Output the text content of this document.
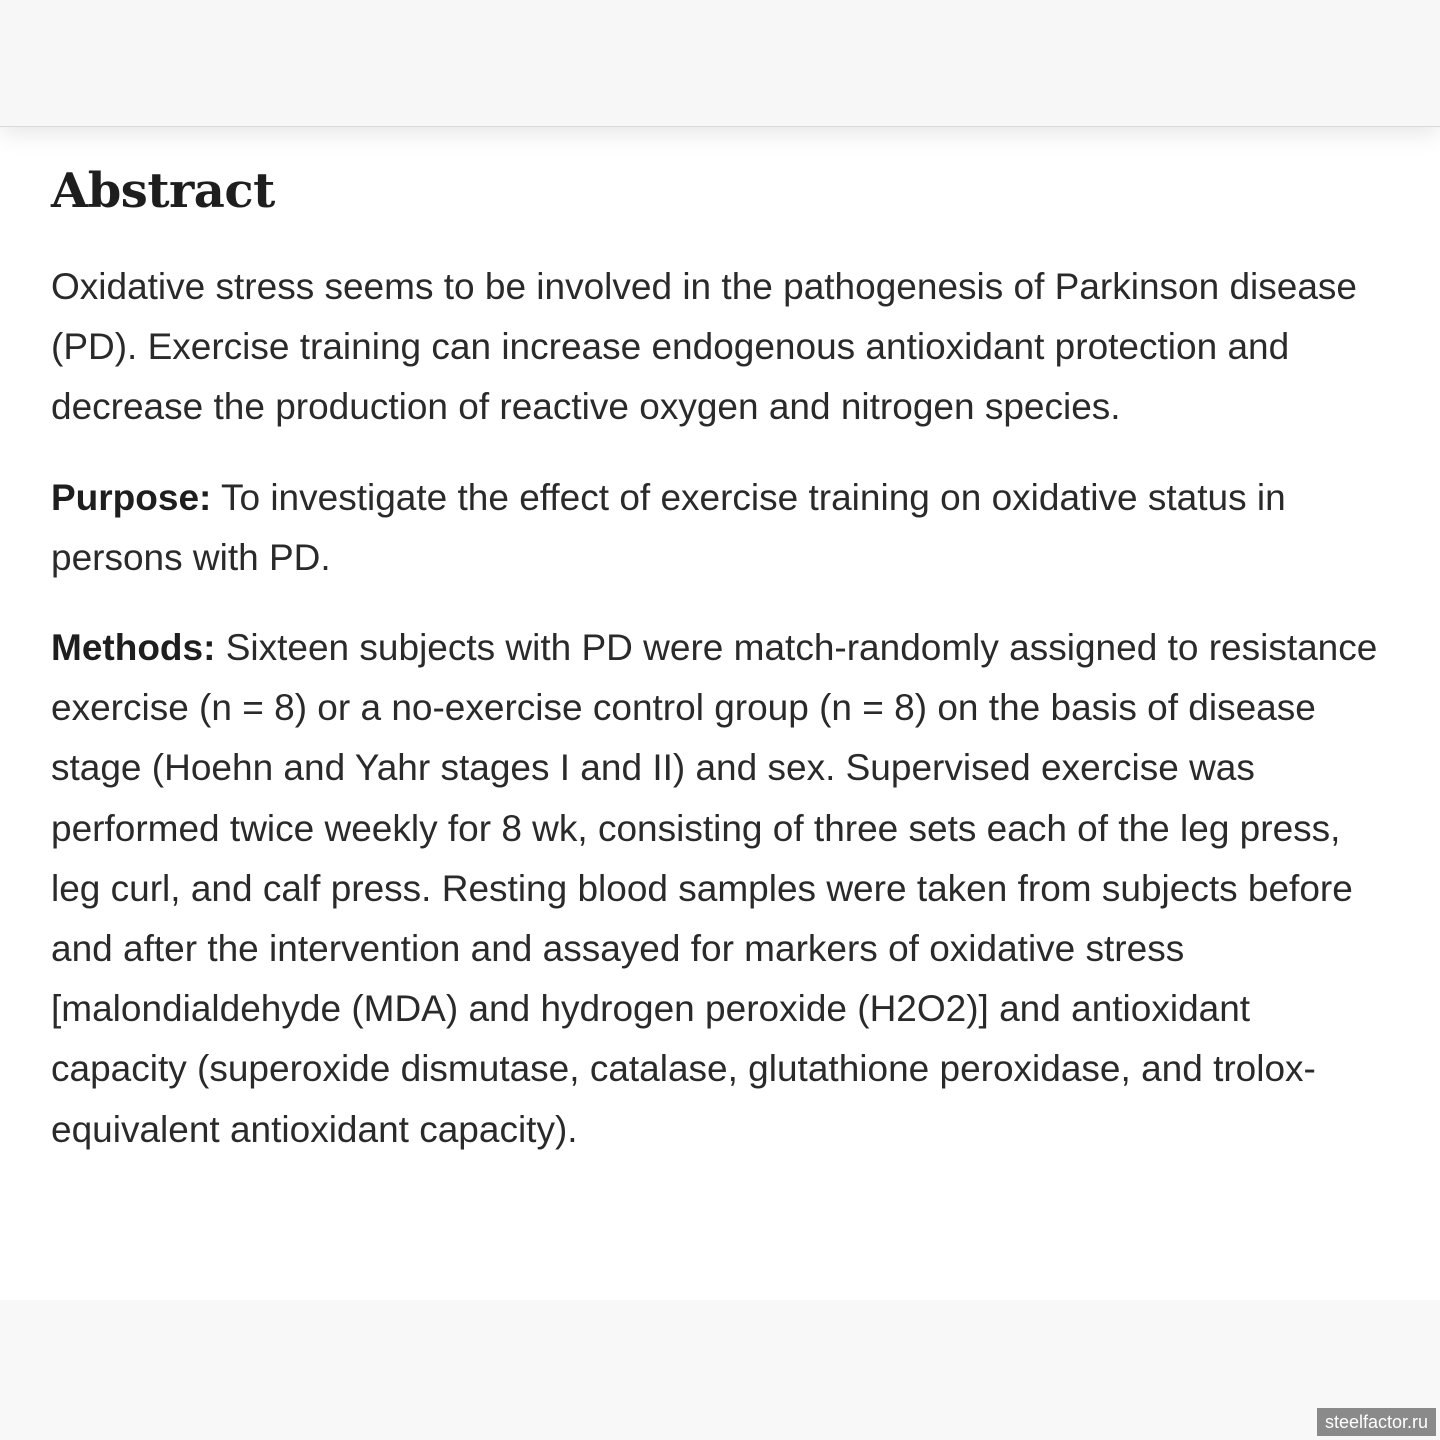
Abstract

Oxidative stress seems to be involved in the pathogenesis of Parkinson disease (PD). Exercise training can increase endogenous antioxidant protection and decrease the production of reactive oxygen and nitrogen species.

Purpose: To investigate the effect of exercise training on oxidative status in persons with PD.

Methods: Sixteen subjects with PD were match-randomly assigned to resistance exercise (n = 8) or a no-exercise control group (n = 8) on the basis of disease stage (Hoehn and Yahr stages I and II) and sex. Supervised exercise was performed twice weekly for 8 wk, consisting of three sets each of the leg press, leg curl, and calf press. Resting blood samples were taken from subjects before and after the intervention and assayed for markers of oxidative stress [malondialdehyde (MDA) and hydrogen peroxide (H2O2)] and antioxidant capacity (superoxide dismutase, catalase, glutathione peroxidase, and trolox-equivalent antioxidant capacity).

steelfactor.ru
